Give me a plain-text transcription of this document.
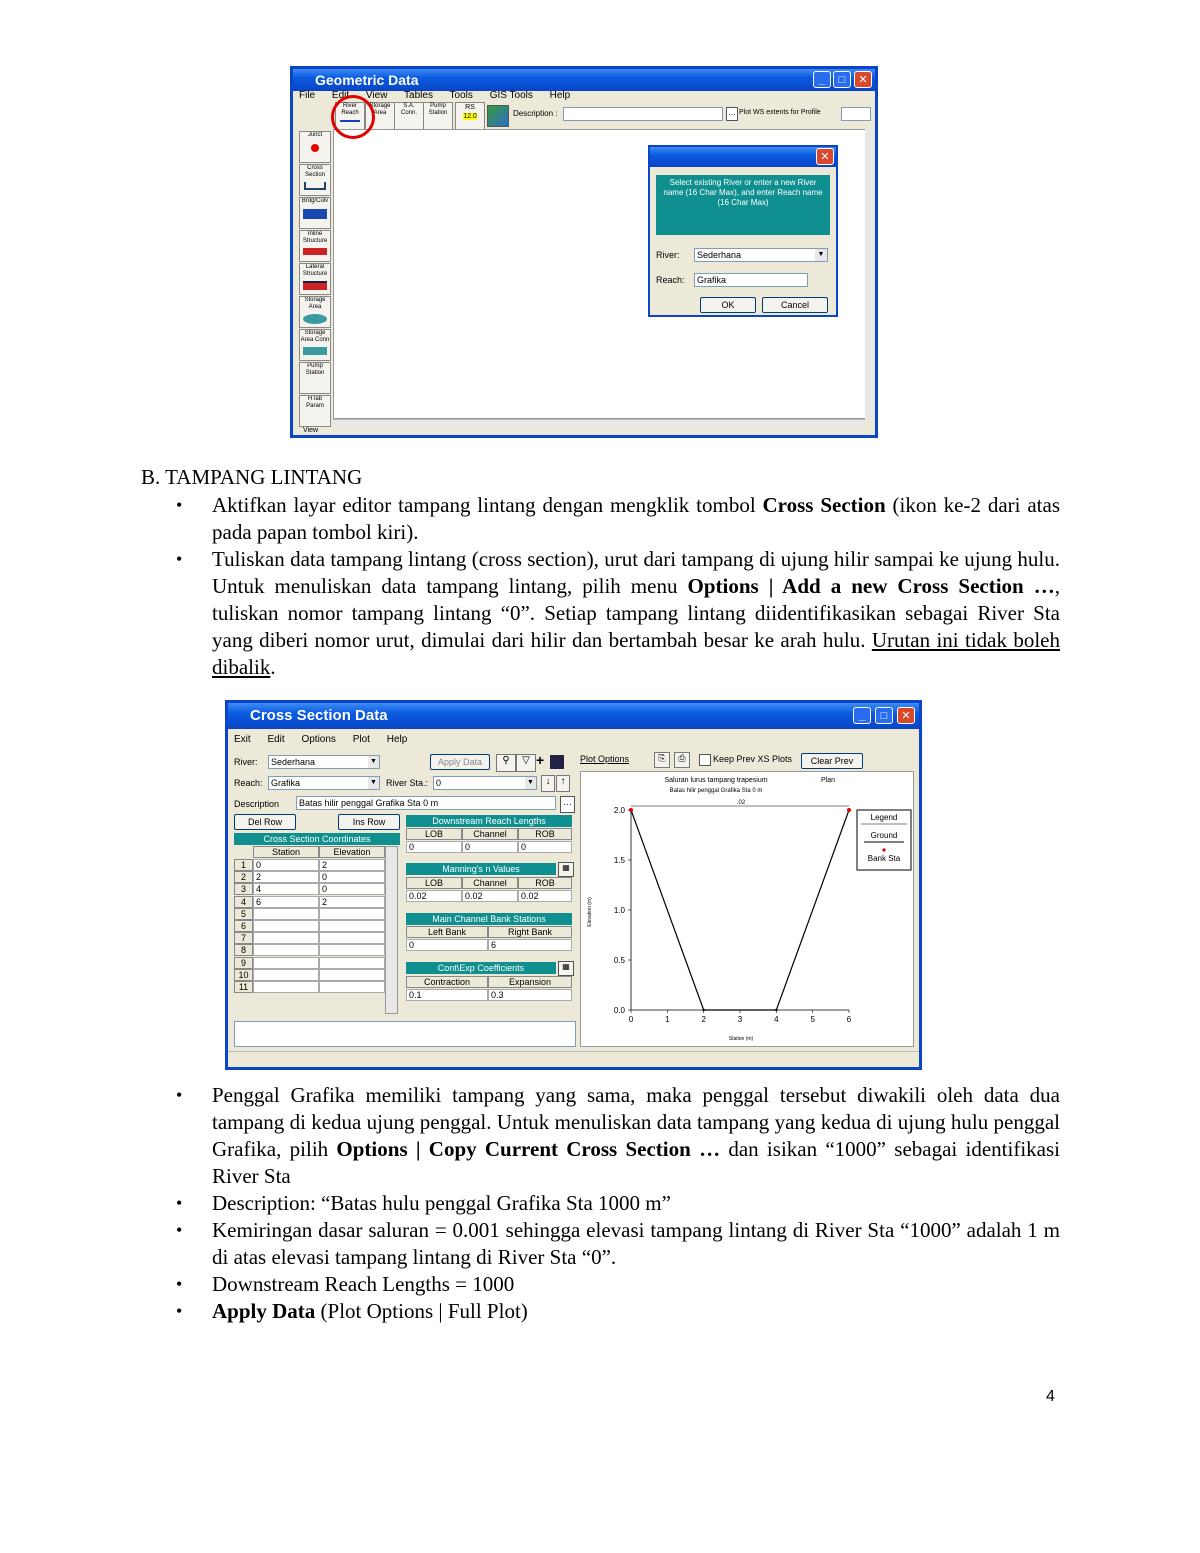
Geometric Data	_	□	✕
File Edit View Tables Tools GIS Tools Help
River Reach
Storage Area
S.A. Conn.
Pump Station
RS
12.0	Description :	… Plot WS extents for Profile
Junct
Cross Section
Brdg/Culv
Inline Structure
Lateral Structure
Storage Area
Storage Area Conn
Pump Station
HTab Param
View
✕
Select existing River or enter a new River name (16 Char Max), and enter Reach name (16 Char Max)
River:	Sederhana	▼
Reach:	Grafika
OK	Cancel
B. TAMPANG LINTANG
• Aktifkan layar editor tampang lintang dengan mengklik tombol Cross Section (ikon ke-2 dari atas pada papan tombol kiri).
• Tuliskan data tampang lintang (cross section), urut dari tampang di ujung hilir sampai ke ujung hulu. Untuk menuliskan data tampang lintang, pilih menu Options | Add a new Cross Section …, tuliskan nomor tampang lintang “0”. Setiap tampang lintang diidentifikasikan sebagai River Sta yang diberi nomor urut, dimulai dari hilir dan bertambah besar ke arah hulu. Urutan ini tidak boleh dibalik.
Cross Section Data	_	□	✕
Exit Edit Options Plot Help
River:	Sederhana	▼	Apply Data	⚲	▽ +
Reach: Grafika	▼ River Sta.: 0	▼	↓	↑
Description	Batas hilir penggal Grafika Sta 0 m	…
Del Row	Ins Row
Cross Section Coordinates
Station	Elevation
1	0	2
2	2	0
3	4	0
4	6	2
5
6
7
8
9
10
11
Downstream Reach Lengths
LOB	Channel	ROB
0	0	0
Manning's n Values	▦
LOB	Channel	ROB
0.02	0.02	0.02
Main Channel Bank Stations
Left Bank	Right Bank
0	6
Cont\Exp Coefficients	▦
Contraction	Expansion
0.1	0.3
Plot Options	⎘	⎙	Keep Prev XS Plots	Clear Prev
Saluran lurus tampang trapesium	Plan
Batas hilir penggal Grafika Sta 0 m
.02
0	1	2	3	4	5	6
0.0
0.5
1.0
1.5
2.0
Station (m)
Elevation (m)
Legend
Ground
Bank Sta
• Penggal Grafika memiliki tampang yang sama, maka penggal tersebut diwakili oleh data dua tampang di kedua ujung penggal. Untuk menuliskan data tampang yang kedua di ujung hulu penggal Grafika, pilih Options | Copy Current Cross Section … dan isikan “1000” sebagai identifikasi River Sta
• Description: “Batas hulu penggal Grafika Sta 1000 m”
• Kemiringan dasar saluran = 0.001 sehingga elevasi tampang lintang di River Sta “1000” adalah 1 m di atas elevasi tampang lintang di River Sta “0”.
• Downstream Reach Lengths = 1000
• Apply Data (Plot Options | Full Plot)
4
